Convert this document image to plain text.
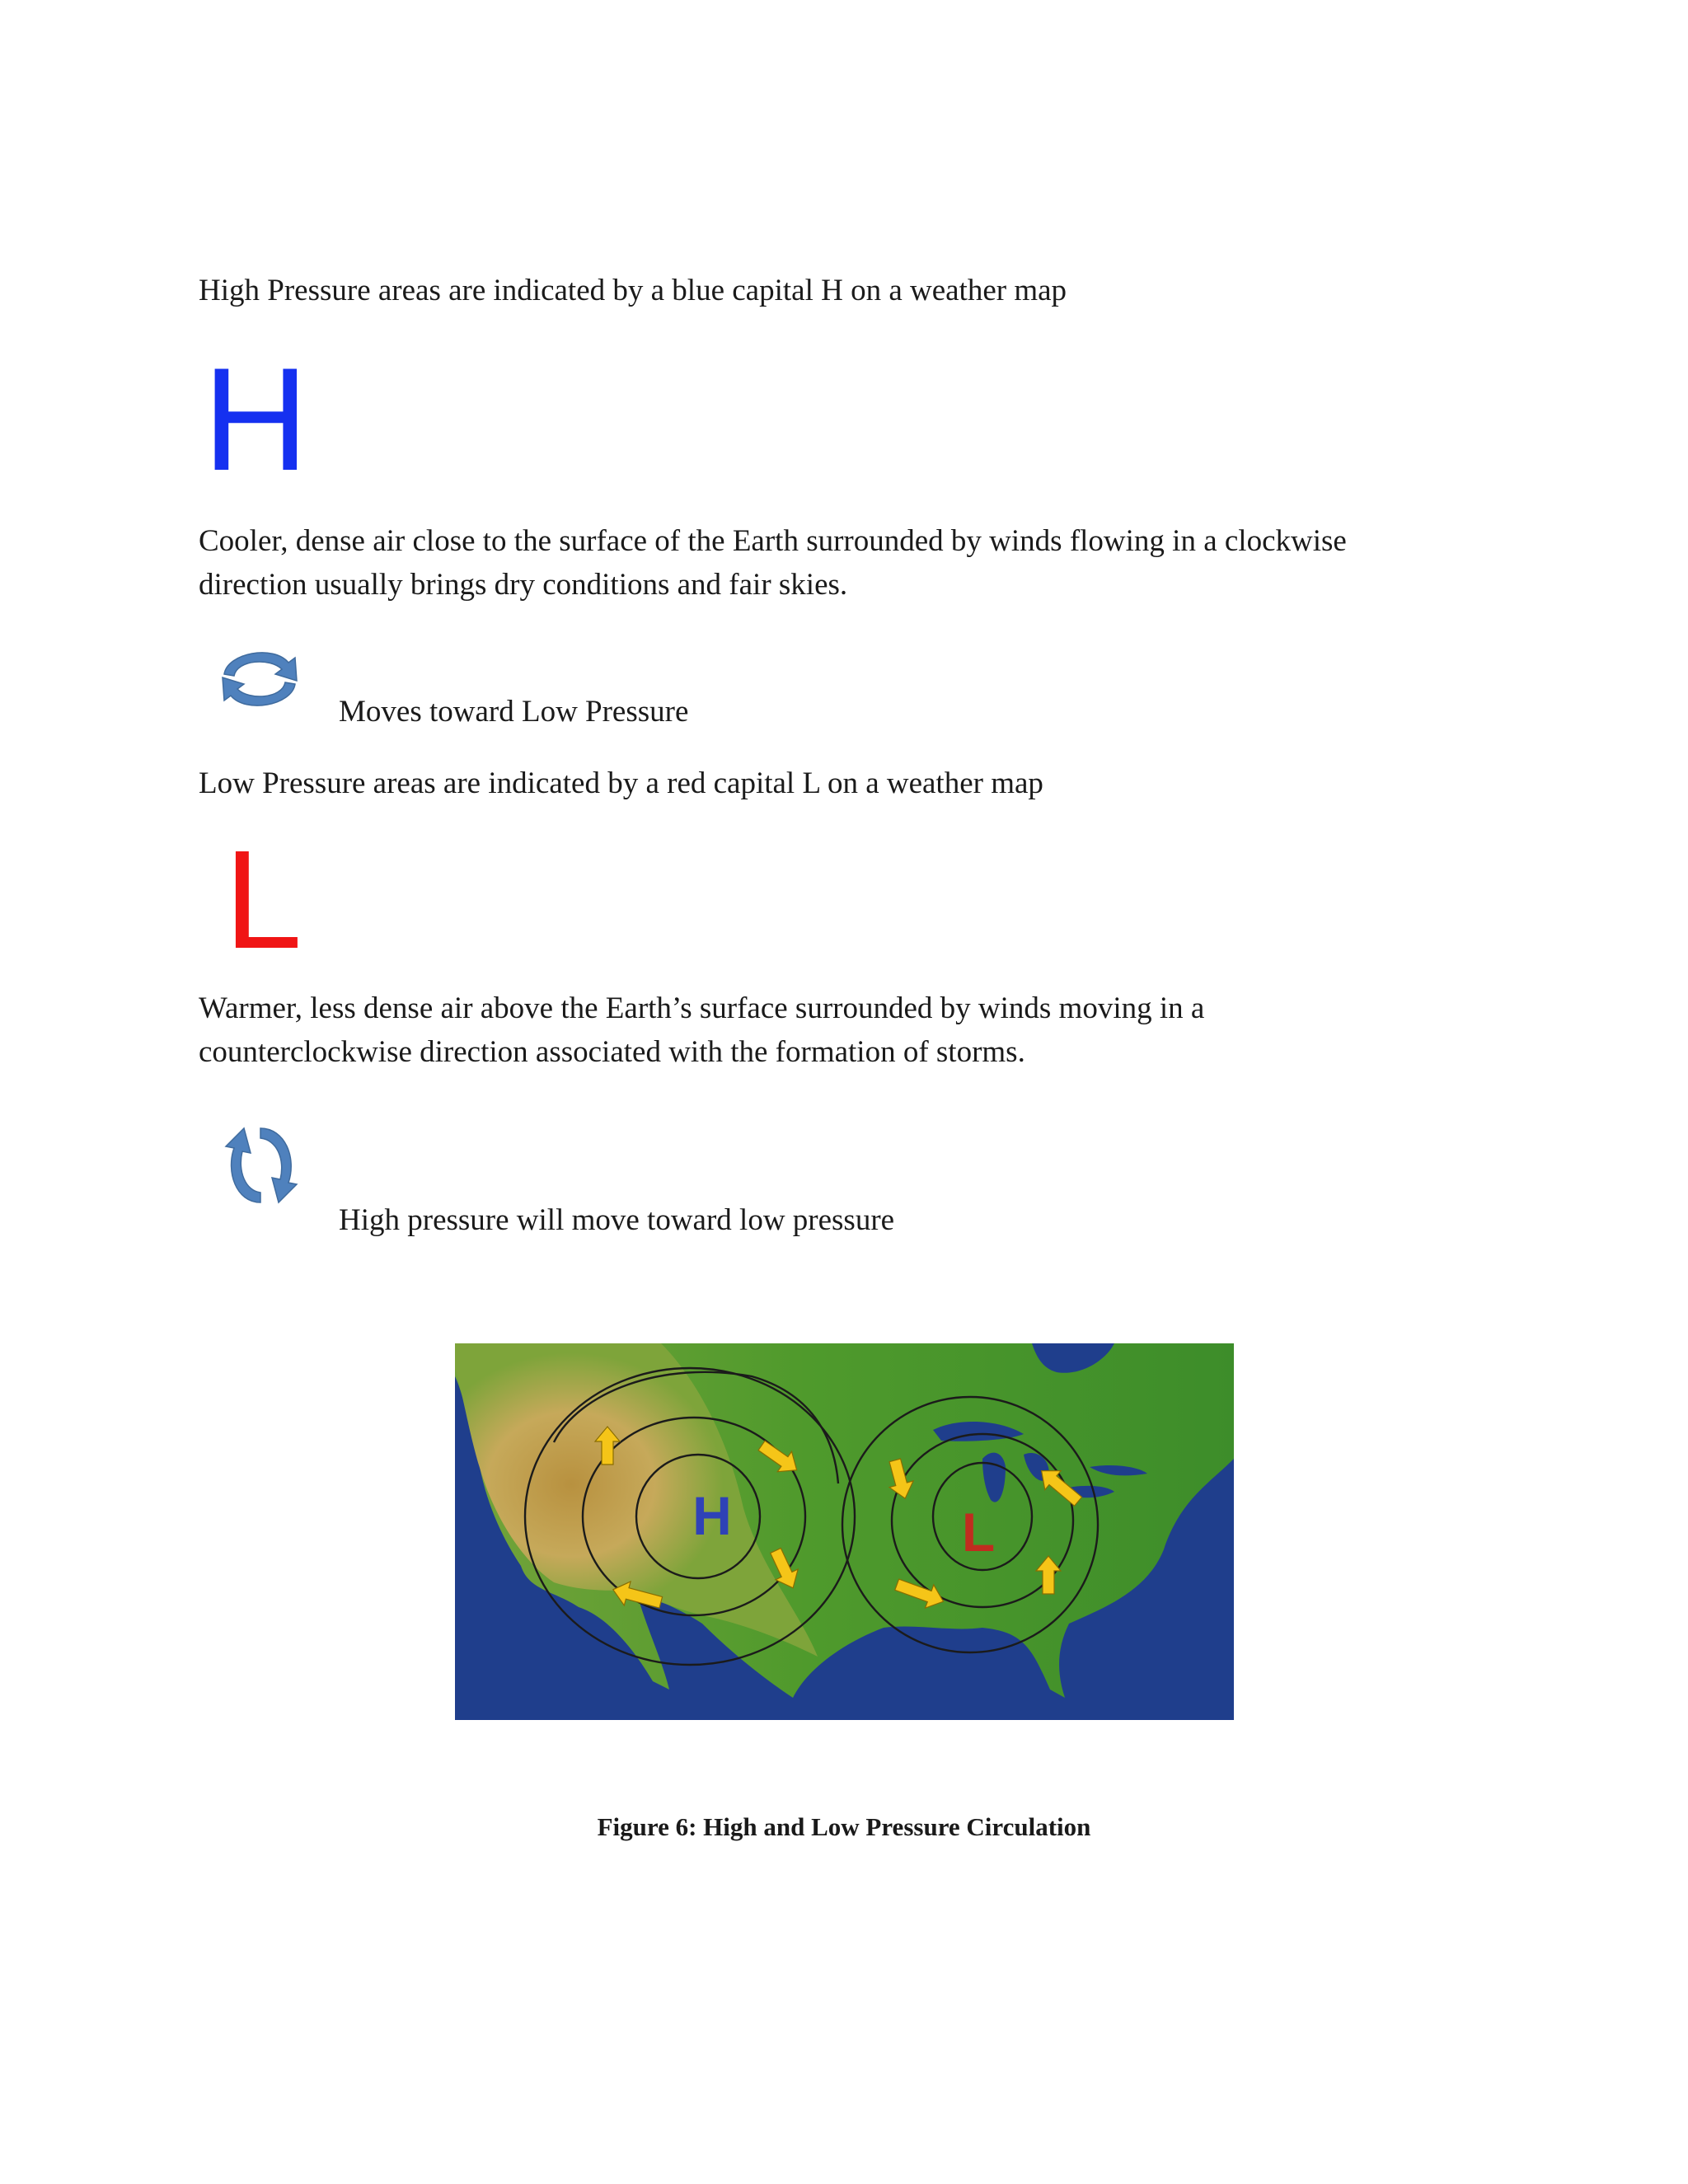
High Pressure areas are indicated by a blue capital H on a weather map

H

Cooler, dense air close to the surface of the Earth surrounded by winds flowing in a clockwise

direction usually brings dry conditions and fair skies.

Moves toward Low Pressure

Low Pressure areas are indicated by a red capital L on a weather map

L

Warmer, less dense air above the Earth’s surface surrounded by winds moving in a

counterclockwise direction associated with the formation of storms.

High pressure will move toward low pressure

H	L

Figure 6: High and Low Pressure Circulation
